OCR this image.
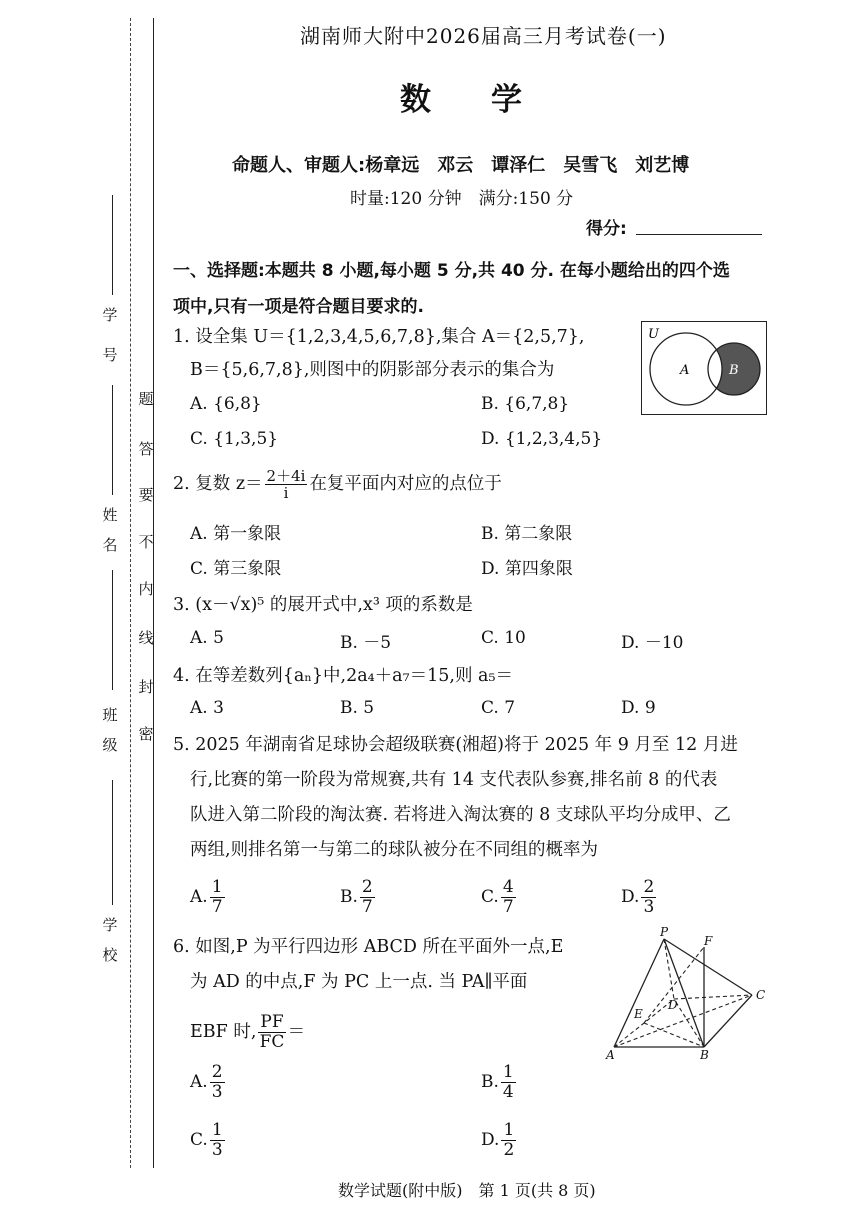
学
号
姓
名
班
级
学
校
题
答
要
不
内
线
封
密
湖南师大附中2026届高三月考试卷(一)
数学
命题人、审题人:杨章远　邓云　谭泽仁　吴雪飞　刘艺博
时量:120 分钟　满分:150 分
得分:
一、选择题:本题共 8 小题,每小题 5 分,共 40 分. 在每小题给出的四个选
项中,只有一项是符合题目要求的.
1. 设全集 U＝{1,2,3,4,5,6,7,8},集合 A＝{2,5,7},
B＝{5,6,7,8},则图中的阴影部分表示的集合为
A. {6,8}	B. {6,7,8}
C. {1,3,5}	D. {1,2,3,4,5}
U
A	B
2. 复数 $z= \frac{2+4i}{i}$ 在复平面内对应的点位于
A. 第一象限	B. 第二象限
C. 第三象限	D. 第四象限
3. (x－√x)⁵ 的展开式中,x³ 项的系数是
A. 5	B. －5	C. 10	D. －10
4. 在等差数列{aₙ}中,2a₄＋a₇＝15,则 a₅＝
A. 3	B. 5	C. 7	D. 9
5. 2025 年湖南省足球协会超级联赛(湘超)将于 2025 年 9 月至 12 月进
行,比赛的第一阶段为常规赛,共有 14 支代表队参赛,排名前 8 的代表
队进入第二阶段的淘汰赛. 若将进入淘汰赛的 8 支球队平均分成甲、乙
两组,则排名第一与第二的球队被分在不同组的概率为
A. $\frac{1}{7}$	B. $\frac{2}{7}$	C. $\frac{4}{7}$	D. $\frac{2}{3}$
6. 如图,P 为平行四边形 ABCD 所在平面外一点,E
为 AD 的中点,F 为 PC 上一点. 当 PA∥平面
EBF 时, $\frac{PF}{FC}$ ＝
A. $\frac{2}{3}$	B. $\frac{1}{4}$
C. $\frac{1}{3}$	D. $\frac{1}{2}$
P
F
C
D
E
A	B
数学试题(附中版)　第 1 页(共 8 页)
